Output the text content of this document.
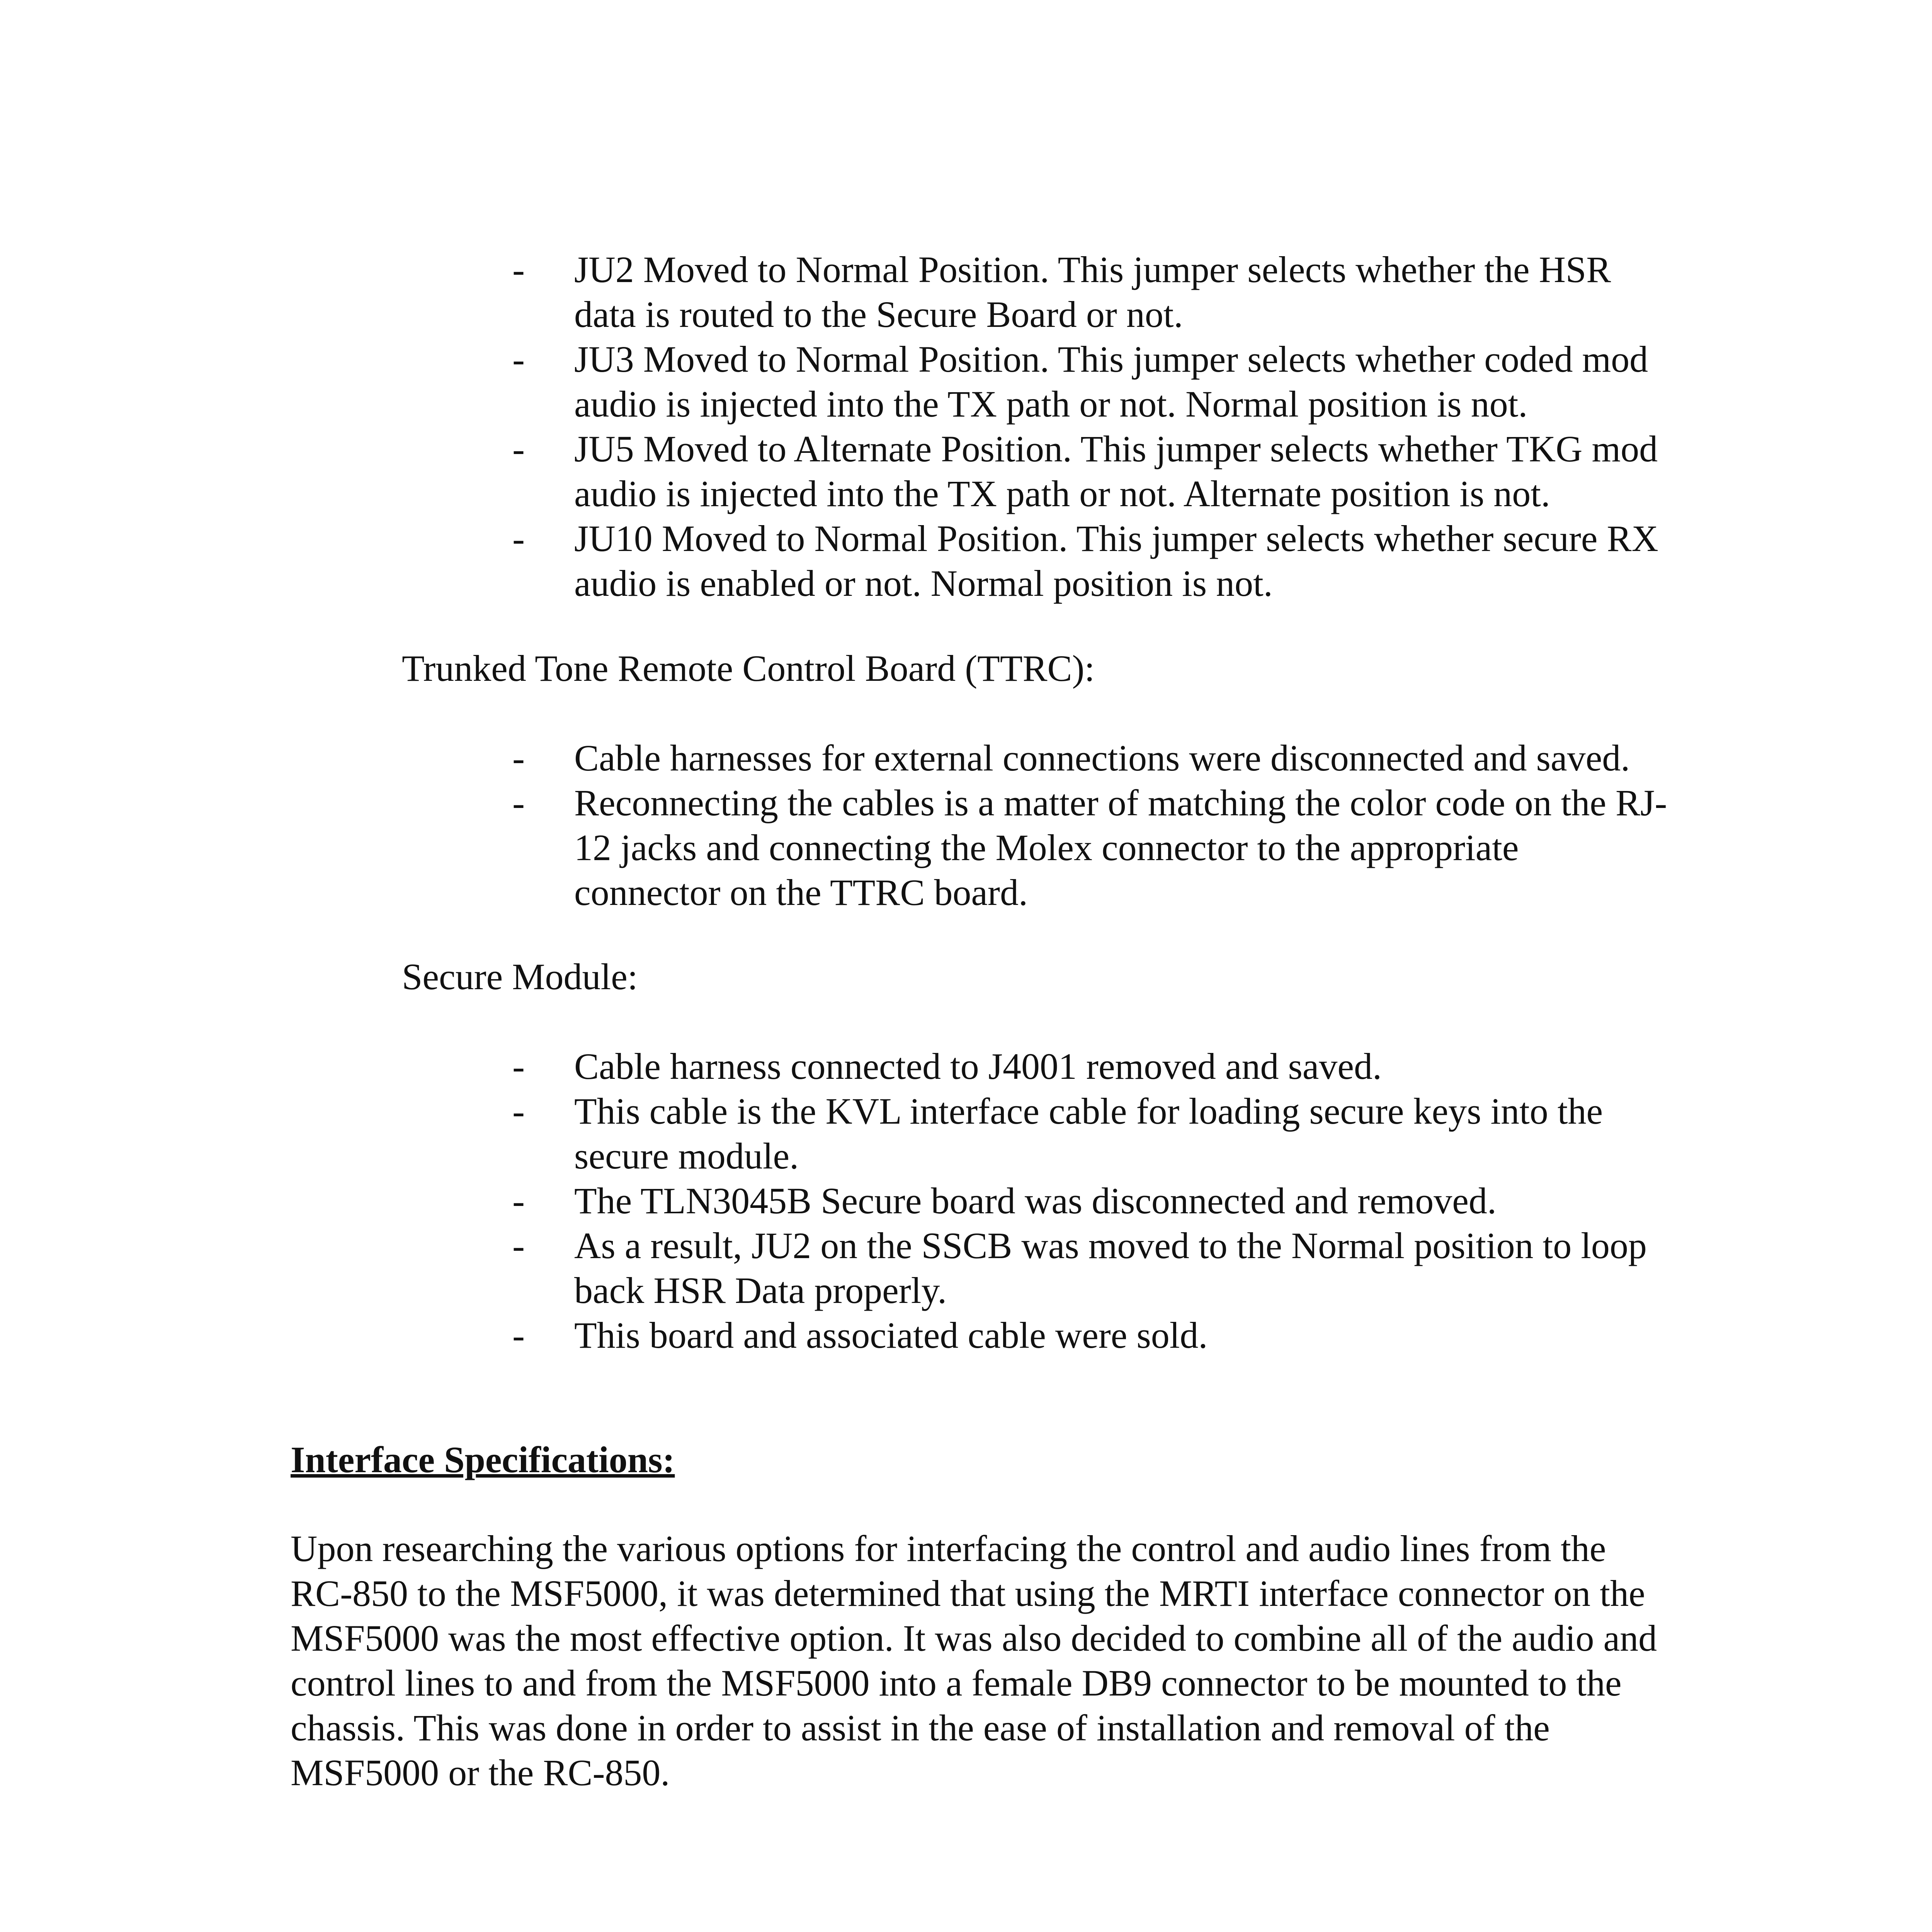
- JU2 Moved to Normal Position. This jumper selects whether the HSR data is routed to the Secure Board or not.
- JU3 Moved to Normal Position. This jumper selects whether coded mod audio is injected into the TX path or not. Normal position is not.
- JU5 Moved to Alternate Position. This jumper selects whether TKG mod audio is injected into the TX path or not. Alternate position is not.
- JU10 Moved to Normal Position. This jumper selects whether secure RX audio is enabled or not. Normal position is not.

Trunked Tone Remote Control Board (TTRC):

- Cable harnesses for external connections were disconnected and saved.
- Reconnecting the cables is a matter of matching the color code on the RJ-12 jacks and connecting the Molex connector to the appropriate connector on the TTRC board.

Secure Module:

- Cable harness connected to J4001 removed and saved.
- This cable is the KVL interface cable for loading secure keys into the secure module.
- The TLN3045B Secure board was disconnected and removed.
- As a result, JU2 on the SSCB was moved to the Normal position to loop back HSR Data properly.
- This board and associated cable were sold.
Interface Specifications:

Upon researching the various options for interfacing the control and audio lines from the RC-850 to the MSF5000, it was determined that using the MRTI interface connector on the MSF5000 was the most effective option. It was also decided to combine all of the audio and control lines to and from the MSF5000 into a female DB9 connector to be mounted to the chassis. This was done in order to assist in the ease of installation and removal of the MSF5000 or the RC-850.
